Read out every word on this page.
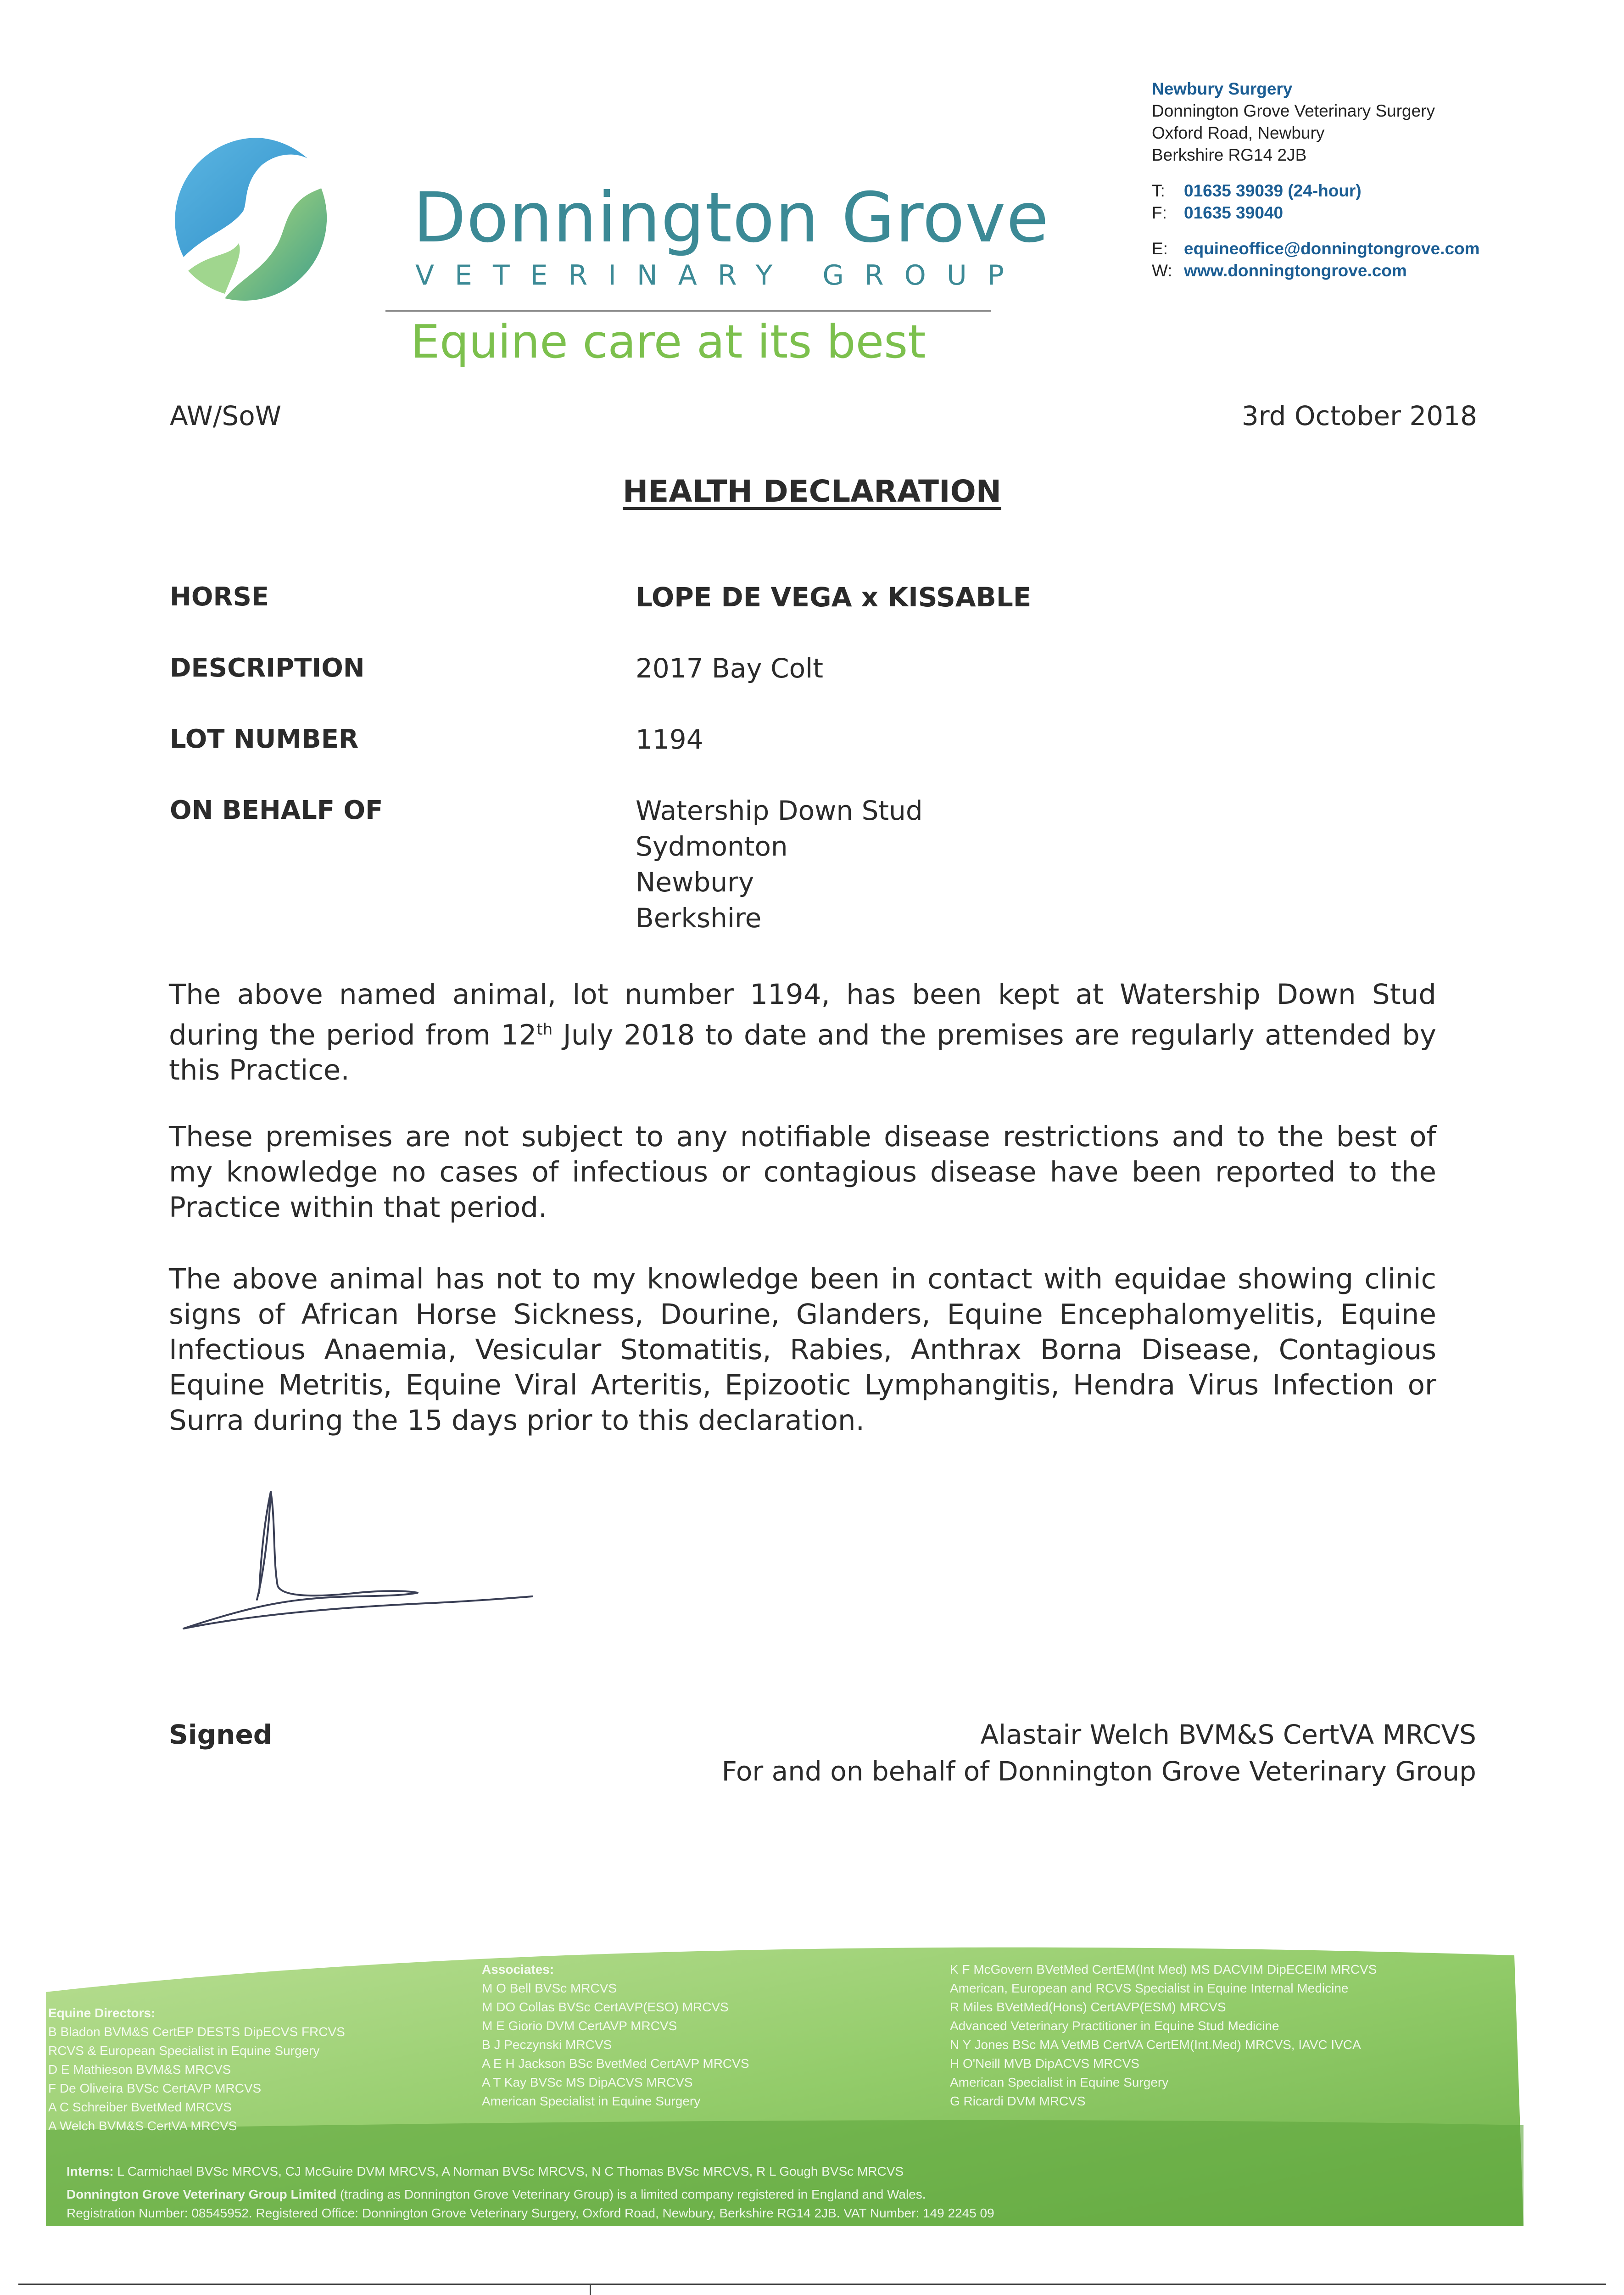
Donnington Grove
VETERINARY GROUP
Equine care at its best
Newbury Surgery
Donnington Grove Veterinary Surgery
Oxford Road, Newbury
Berkshire RG14 2JB
T: 01635 39039 (24-hour)
F: 01635 39040
E: equineoffice@donningtongrove.com
W: www.donningtongrove.com
AW/SoW	3rd October 2018
HEALTH DECLARATION
HORSE	LOPE DE VEGA x KISSABLE
DESCRIPTION	2017 Bay Colt
LOT NUMBER	1194
ON BEHALF OF	Watership Down Stud
Sydmonton
Newbury
Berkshire
The above named animal, lot number 1194, has been kept at Watership Down Stud during the period from 12th July 2018 to date and the premises are regularly attended by this Practice.
These premises are not subject to any notifiable disease restrictions and to the best of my knowledge no cases of infectious or contagious disease have been reported to the Practice within that period.
The above animal has not to my knowledge been in contact with equidae showing clinic signs of African Horse Sickness, Dourine, Glanders, Equine Encephalomyelitis, Equine Infectious Anaemia, Vesicular Stomatitis, Rabies, Anthrax Borna Disease, Contagious Equine Metritis, Equine Viral Arteritis, Epizootic Lymphangitis, Hendra Virus Infection or Surra during the 15 days prior to this declaration.
Signed	Alastair Welch BVM&S CertVA MRCVS
For and on behalf of Donnington Grove Veterinary Group
Equine Directors:
B Bladon BVM&S CertEP DESTS DipECVS FRCVS
RCVS & European Specialist in Equine Surgery
D E Mathieson BVM&S MRCVS
F De Oliveira BVSc CertAVP MRCVS
A C Schreiber BvetMed MRCVS
A Welch BVM&S CertVA MRCVS
Associates:
M O Bell BVSc MRCVS
M DO Collas BVSc CertAVP(ESO) MRCVS
M E Giorio DVM CertAVP MRCVS
B J Peczynski MRCVS
A E H Jackson BSc BvetMed CertAVP MRCVS
A T Kay BVSc MS DipACVS MRCVS
American Specialist in Equine Surgery
K F McGovern BVetMed CertEM(Int Med) MS DACVIM DipECEIM MRCVS
American, European and RCVS Specialist in Equine Internal Medicine
R Miles BVetMed(Hons) CertAVP(ESM) MRCVS
Advanced Veterinary Practitioner in Equine Stud Medicine
N Y Jones BSc MA VetMB CertVA CertEM(Int.Med) MRCVS, IAVC IVCA
H O'Neill MVB DipACVS MRCVS
American Specialist in Equine Surgery
G Ricardi DVM MRCVS
Interns: L Carmichael BVSc MRCVS, CJ McGuire DVM MRCVS, A Norman BVSc MRCVS, N C Thomas BVSc MRCVS, R L Gough BVSc MRCVS
Donnington Grove Veterinary Group Limited (trading as Donnington Grove Veterinary Group) is a limited company registered in England and Wales.
Registration Number: 08545952. Registered Office: Donnington Grove Veterinary Surgery, Oxford Road, Newbury, Berkshire RG14 2JB. VAT Number: 149 2245 09
